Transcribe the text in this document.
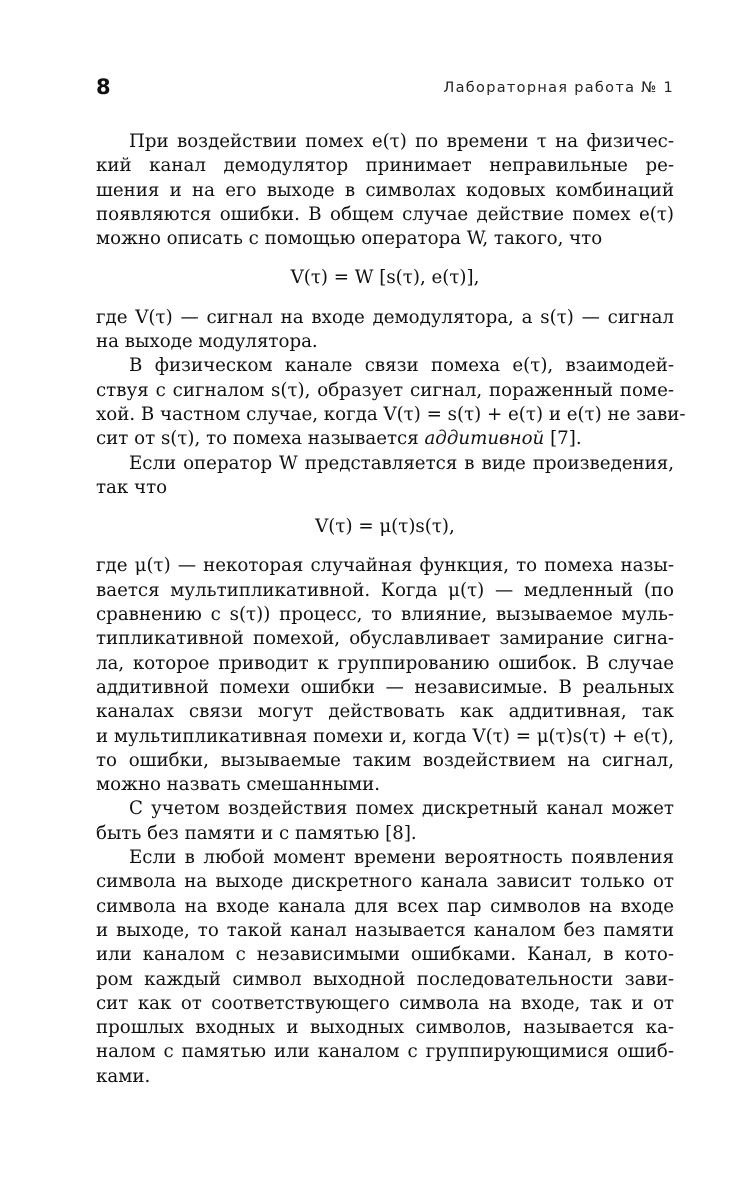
8	Лабораторная работа № 1

При воздействии помех e(τ) по времени τ на физичес-
кий канал демодулятор принимает неправильные ре-
шения и на его выходе в символах кодовых комбинаций
появляются ошибки. В общем случае действие помех e(τ)
можно описать с помощью оператора W, такого, что

V(τ) = W [s(τ), e(τ)],

где V(τ) — сигнал на входе демодулятора, а s(τ) — сигнал
на выходе модулятора.

В физическом канале связи помеха e(τ), взаимодей-
ствуя с сигналом s(τ), образует сигнал, пораженный поме-
хой. В частном случае, когда V(τ) = s(τ) + e(τ) и e(τ) не зави-
сит от s(τ), то помеха называется аддитивной [7].

Если оператор W представляется в виде произведения,
так что

V(τ) = μ(τ)s(τ),

где μ(τ) — некоторая случайная функция, то помеха назы-
вается мультипликативной. Когда μ(τ) — медленный (по
сравнению с s(τ)) процесс, то влияние, вызываемое муль-
типликативной помехой, обуславливает замирание сигна-
ла, которое приводит к группированию ошибок. В случае
аддитивной помехи ошибки — независимые. В реальных
каналах связи могут действовать как аддитивная, так
и мультипликативная помехи и, когда V(τ) = μ(τ)s(τ) + e(τ),
то ошибки, вызываемые таким воздействием на сигнал,
можно назвать смешанными.

С учетом воздействия помех дискретный канал может
быть без памяти и с памятью [8].

Если в любой момент времени вероятность появления
символа на выходе дискретного канала зависит только от
символа на входе канала для всех пар символов на входе
и выходе, то такой канал называется каналом без памяти
или каналом с независимыми ошибками. Канал, в кото-
ром каждый символ выходной последовательности зави-
сит как от соответствующего символа на входе, так и от
прошлых входных и выходных символов, называется ка-
налом с памятью или каналом с группирующимися ошиб-
ками.
